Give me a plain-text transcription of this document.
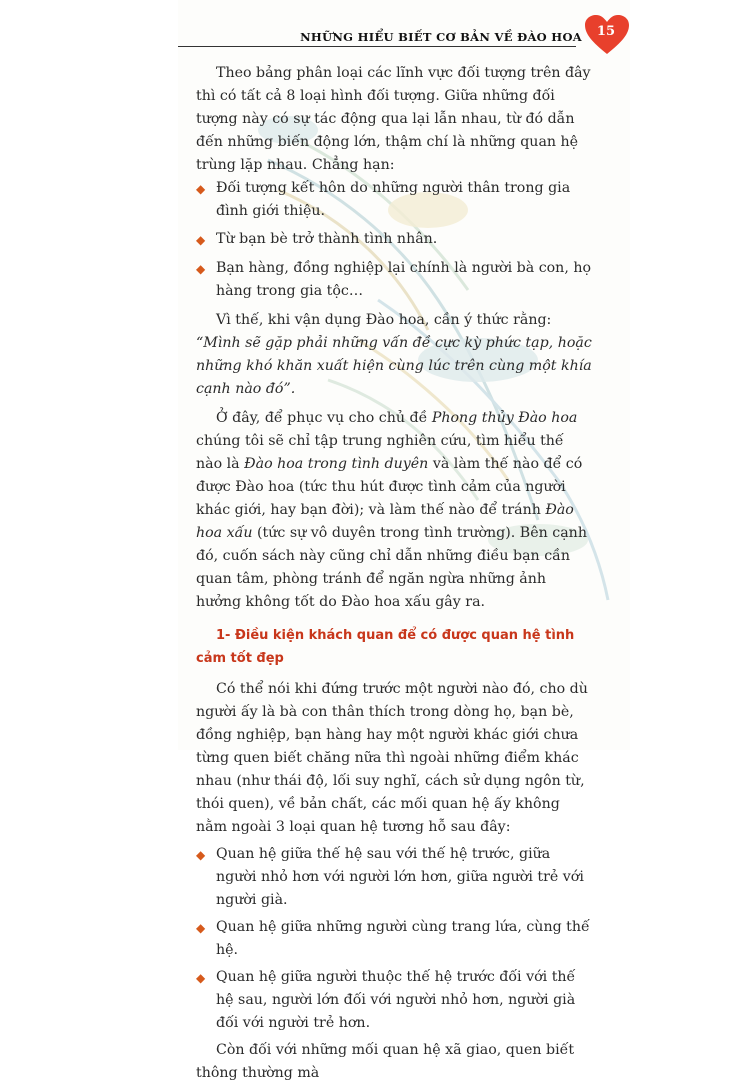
15
NHỮNG HIỂU BIẾT CƠ BẢN VỀ ĐÀO HOA

Theo bảng phân loại các lĩnh vực đối tượng trên đây thì có tất cả 8 loại hình đối tượng. Giữa những đối tượng này có sự tác động qua lại lẫn nhau, từ đó dẫn đến những biến động lớn, thậm chí là những quan hệ trùng lặp nhau. Chẳng hạn:

◆ Đối tượng kết hôn do những người thân trong gia đình giới thiệu.
◆ Từ bạn bè trở thành tình nhân.
◆ Bạn hàng, đồng nghiệp lại chính là người bà con, họ hàng trong gia tộc…

Vì thế, khi vận dụng Đào hoa, cần ý thức rằng: “Mình sẽ gặp phải những vấn đề cực kỳ phức tạp, hoặc những khó khăn xuất hiện cùng lúc trên cùng một khía cạnh nào đó”.

Ở đây, để phục vụ cho chủ đề Phong thủy Đào hoa chúng tôi sẽ chỉ tập trung nghiên cứu, tìm hiểu thế nào là Đào hoa trong tình duyên và làm thế nào để có được Đào hoa (tức thu hút được tình cảm của người khác giới, hay bạn đời); và làm thế nào để tránh Đào hoa xấu (tức sự vô duyên trong tình trường). Bên cạnh đó, cuốn sách này cũng chỉ dẫn những điều bạn cần quan tâm, phòng tránh để ngăn ngừa những ảnh hưởng không tốt do Đào hoa xấu gây ra.

1- Điều kiện khách quan để có được quan hệ tình cảm tốt đẹp

Có thể nói khi đứng trước một người nào đó, cho dù người ấy là bà con thân thích trong dòng họ, bạn bè, đồng nghiệp, bạn hàng hay một người khác giới chưa từng quen biết chăng nữa thì ngoài những điểm khác nhau (như thái độ, lối suy nghĩ, cách sử dụng ngôn từ, thói quen), về bản chất, các mối quan hệ ấy không nằm ngoài 3 loại quan hệ tương hỗ sau đây:

◆ Quan hệ giữa thế hệ sau với thế hệ trước, giữa người nhỏ hơn với người lớn hơn, giữa người trẻ với người già.
◆ Quan hệ giữa những người cùng trang lứa, cùng thế hệ.
◆ Quan hệ giữa người thuộc thế hệ trước đối với thế hệ sau, người lớn đối với người nhỏ hơn, người già đối với người trẻ hơn.

Còn đối với những mối quan hệ xã giao, quen biết thông thường mà
